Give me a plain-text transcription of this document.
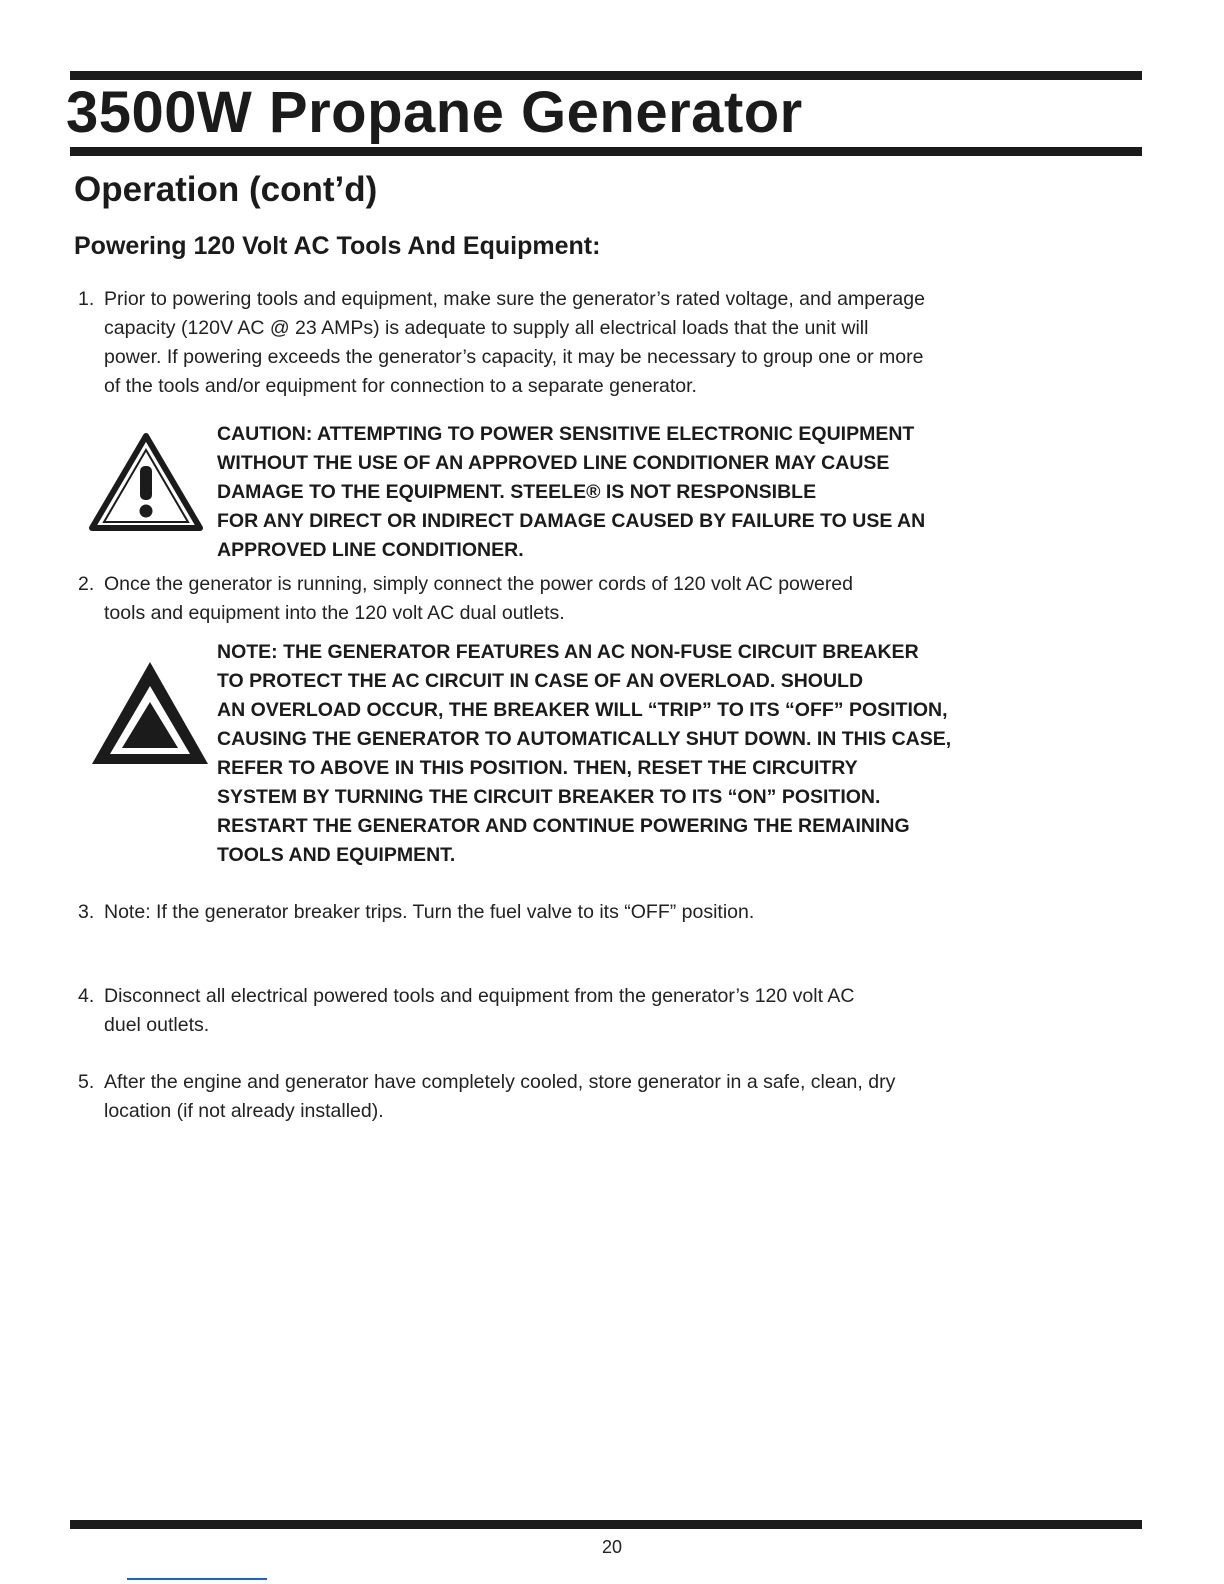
3500W Propane Generator
Operation (cont’d)
Powering 120 Volt AC Tools And Equipment:
1. Prior to powering tools and equipment, make sure the generator’s rated voltage, and amperage
capacity (120V AC @ 23 AMPs) is adequate to supply all electrical loads that the unit will
power. If powering exceeds the generator’s capacity, it may be necessary to group one or more
of the tools and/or equipment for connection to a separate generator.
CAUTION: ATTEMPTING TO POWER SENSITIVE ELECTRONIC EQUIPMENT
WITHOUT THE USE OF AN APPROVED LINE CONDITIONER MAY CAUSE
DAMAGE TO THE EQUIPMENT. STEELE® IS NOT RESPONSIBLE
FOR ANY DIRECT OR INDIRECT DAMAGE CAUSED BY FAILURE TO USE AN
APPROVED LINE CONDITIONER.
2. Once the generator is running, simply connect the power cords of 120 volt AC powered
tools and equipment into the 120 volt AC dual outlets.
NOTE: THE GENERATOR FEATURES AN AC NON-FUSE CIRCUIT BREAKER
TO PROTECT THE AC CIRCUIT IN CASE OF AN OVERLOAD. SHOULD
AN OVERLOAD OCCUR, THE BREAKER WILL “TRIP” TO ITS “OFF” POSITION,
CAUSING THE GENERATOR TO AUTOMATICALLY SHUT DOWN. IN THIS CASE,
REFER TO ABOVE IN THIS POSITION. THEN, RESET THE CIRCUITRY
SYSTEM BY TURNING THE CIRCUIT BREAKER TO ITS “ON” POSITION.
RESTART THE GENERATOR AND CONTINUE POWERING THE REMAINING
TOOLS AND EQUIPMENT.
3. Note: If the generator breaker trips. Turn the fuel valve to its “OFF” position.
4. Disconnect all electrical powered tools and equipment from the generator’s 120 volt AC
duel outlets.
5. After the engine and generator have completely cooled, store generator in a safe, clean, dry
location (if not already installed).
20
